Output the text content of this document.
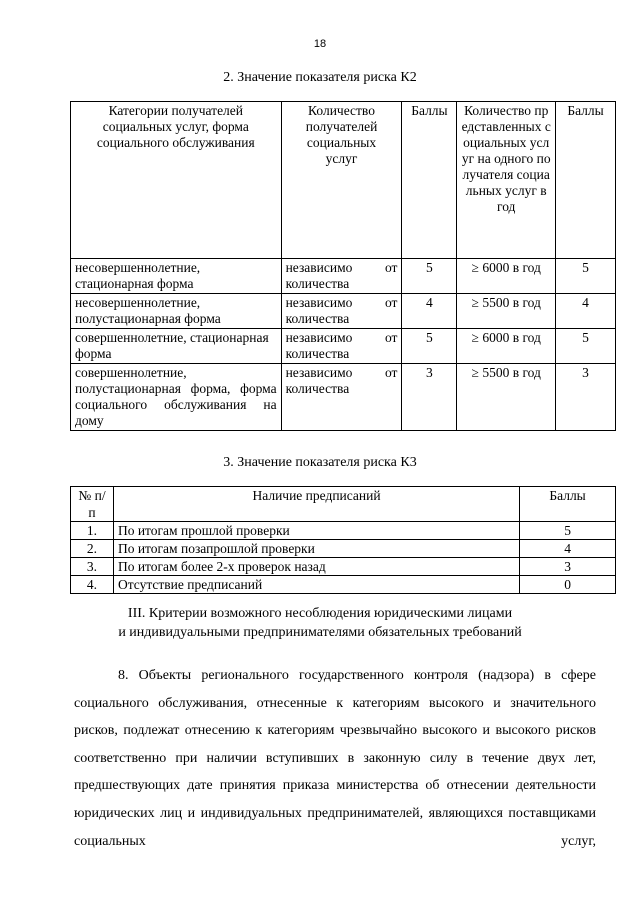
18
2. Значение показателя риска К2
Категории получателей социальных услуг, форма социального обслуживания	Количество получателей социальных услуг	Баллы	Количество представленных социальных услуг на одного получателя социальных услуг в год	Баллы
несовершеннолетние, стационарная форма	независимо от количества	5	≥ 6000 в год	5
несовершеннолетние, полустационарная форма	независимо от количества	4	≥ 5500 в год	4
совершеннолетние, стационарная форма	независимо от количества	5	≥ 6000 в год	5
совершеннолетние, полустационарная форма, форма социального обслуживания на дому	независимо от количества	3	≥ 5500 в год	3
3. Значение показателя риска К3
№ п/п	Наличие предписаний	Баллы
1.	По итогам прошлой проверки	5
2.	По итогам позапрошлой проверки	4
3.	По итогам более 2-х проверок назад	3
4.	Отсутствие предписаний	0
III. Критерии возможного несоблюдения юридическими лицами
и индивидуальными предпринимателями обязательных требований
8. Объекты регионального государственного контроля (надзора) в сфере социального обслуживания, отнесенные к категориям высокого и значительного рисков, подлежат отнесению к категориям чрезвычайно высокого и высокого рисков соответственно при наличии вступивших в законную силу в течение двух лет, предшествующих дате принятия приказа министерства об отнесении деятельности юридических лиц и индивидуальных предпринимателей, являющихся поставщиками социальных услуг,
